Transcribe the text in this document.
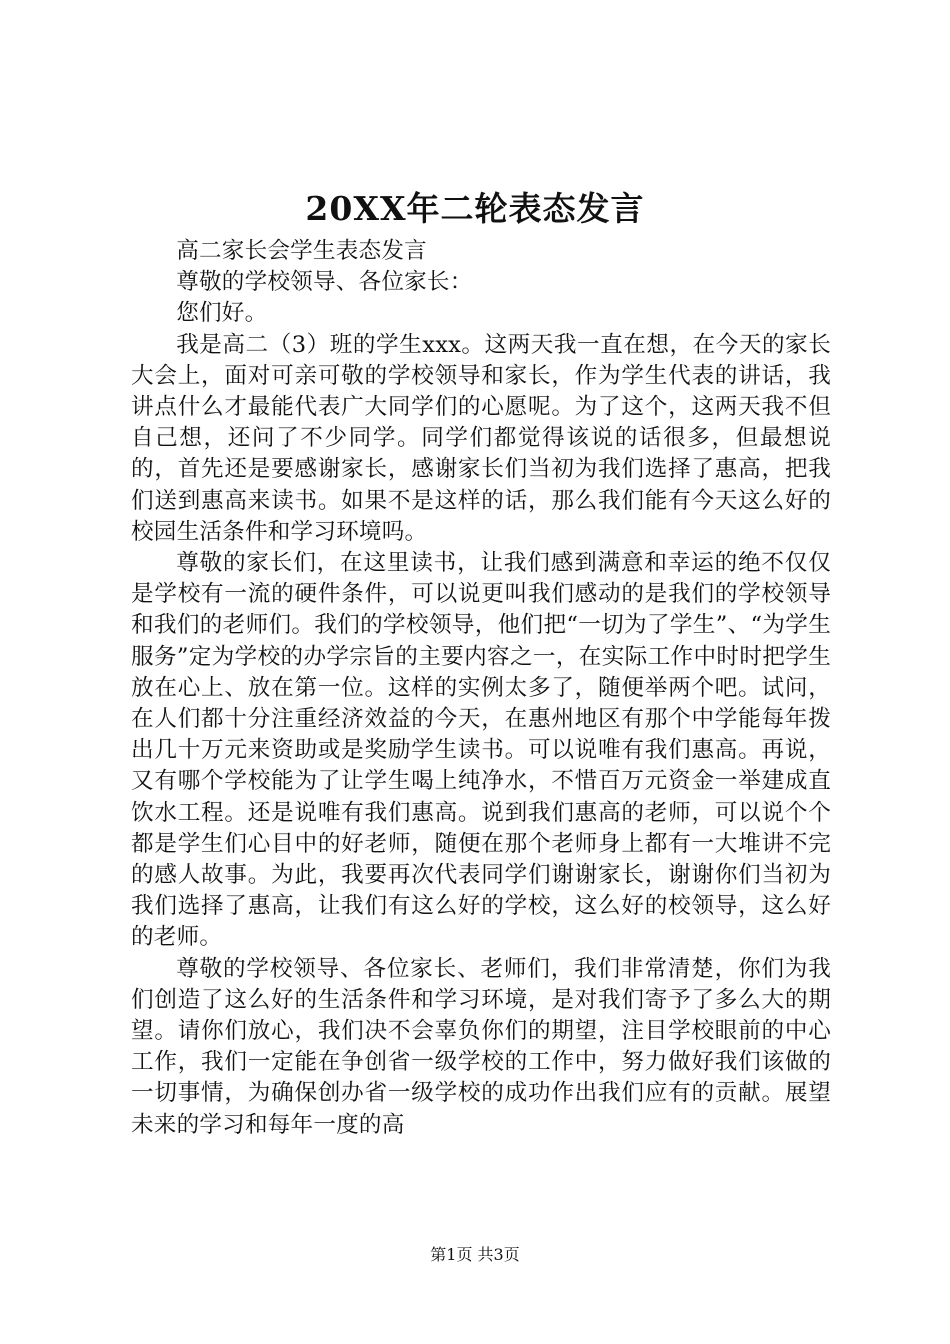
20XX年二轮表态发言

高二家长会学生表态发言

尊敬的学校领导、各位家长：

您们好。

我是高二（3）班的学生xxx。这两天我一直在想，在今天的家长大会上，面对可亲可敬的学校领导和家长，作为学生代表的讲话，我讲点什么才最能代表广大同学们的心愿呢。为了这个，这两天我不但自己想，还问了不少同学。同学们都觉得该说的话很多，但最想说的，首先还是要感谢家长，感谢家长们当初为我们选择了惠高，把我们送到惠高来读书。如果不是这样的话，那么我们能有今天这么好的校园生活条件和学习环境吗。

尊敬的家长们，在这里读书，让我们感到满意和幸运的绝不仅仅是学校有一流的硬件条件，可以说更叫我们感动的是我们的学校领导和我们的老师们。我们的学校领导，他们把“一切为了学生”、“为学生服务”定为学校的办学宗旨的主要内容之一，在实际工作中时时把学生放在心上、放在第一位。这样的实例太多了，随便举两个吧。试问，在人们都十分注重经济效益的今天，在惠州地区有那个中学能每年拨出几十万元来资助或是奖励学生读书。可以说唯有我们惠高。再说，又有哪个学校能为了让学生喝上纯净水，不惜百万元资金一举建成直饮水工程。还是说唯有我们惠高。说到我们惠高的老师，可以说个个都是学生们心目中的好老师，随便在那个老师身上都有一大堆讲不完的感人故事。为此，我要再次代表同学们谢谢家长，谢谢你们当初为我们选择了惠高，让我们有这么好的学校，这么好的校领导，这么好的老师。

尊敬的学校领导、各位家长、老师们，我们非常清楚，你们为我们创造了这么好的生活条件和学习环境，是对我们寄予了多么大的期望。请你们放心，我们决不会辜负你们的期望，注目学校眼前的中心工作，我们一定能在争创省一级学校的工作中，努力做好我们该做的一切事情，为确保创办省一级学校的成功作出我们应有的贡献。展望未来的学习和每年一度的高

第1页 共3页
